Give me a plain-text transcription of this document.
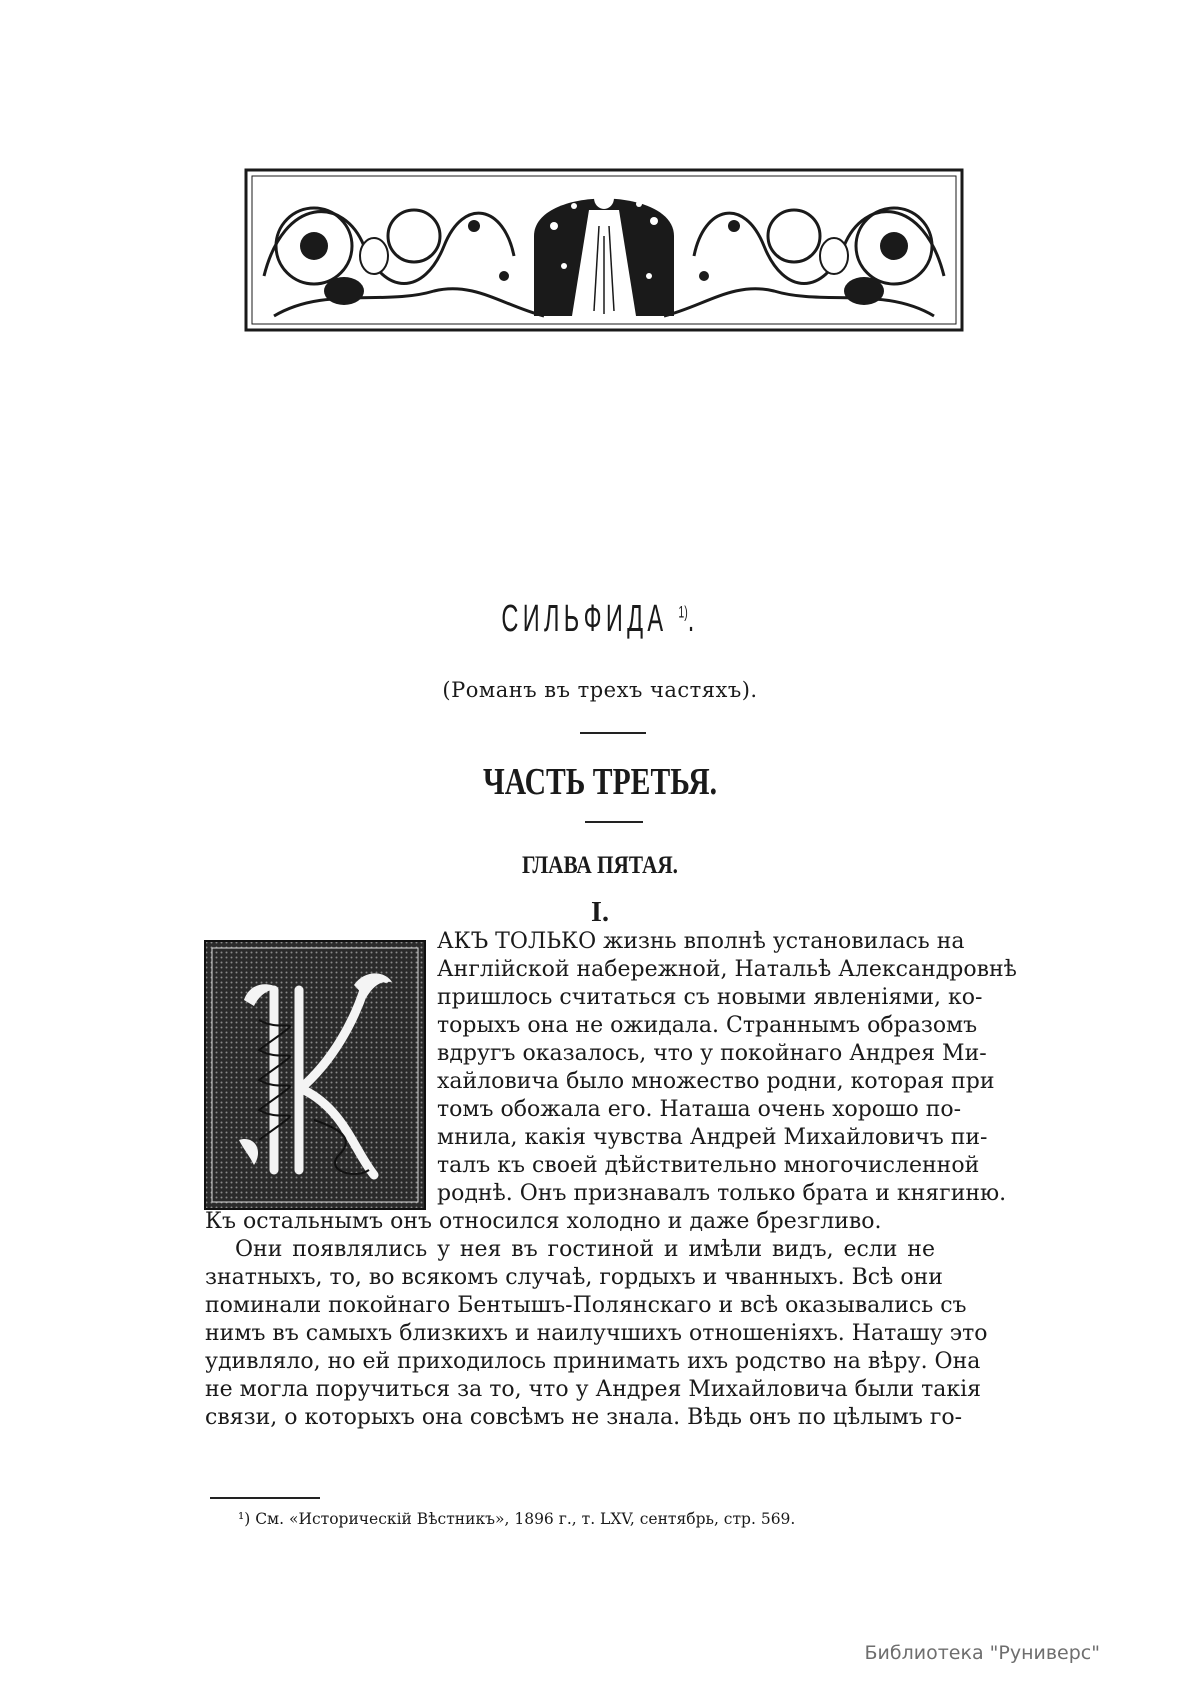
СИЛЬФИДА $^{1)}$.
(Романъ въ трехъ частяхъ).
ЧАСТЬ ТРЕТЬЯ.
ГЛАВА ПЯТАЯ.
I.
АКЪ ТОЛЬКО жизнь вполнѣ установилась на
Англійской набережной, Натальѣ Александровнѣ
пришлось считаться съ новыми явленіями, ко-
торыхъ она не ожидала. Страннымъ образомъ
вдругъ оказалось, что у покойнаго Андрея Ми-
хайловича было множество родни, которая при
томъ обожала его. Наташа очень хорошо по-
мнила, какія чувства Андрей Михайловичъ пи-
талъ къ своей дѣйствительно многочисленной
роднѣ. Онъ признавалъ только брата и княгиню.
Къ остальнымъ онъ относился холодно и даже брезгливо.
Они появлялись у нея въ гостиной и имѣли видъ, если не
знатныхъ, то, во всякомъ случаѣ, гордыхъ и чванныхъ. Всѣ они
поминали покойнаго Бентышъ-Полянскаго и всѣ оказывались съ
нимъ въ самыхъ близкихъ и наилучшихъ отношеніяхъ. Наташу это
удивляло, но ей приходилось принимать ихъ родство на вѣру. Она
не могла поручиться за то, что у Андрея Михайловича были такія
связи, о которыхъ она совсѣмъ не знала. Вѣдь онъ по цѣлымъ го-
¹) См. «Историческій Вѣстникъ», 1896 г., т. LXV, сентябрь, стр. 569.
Библиотека "Руниверс"
